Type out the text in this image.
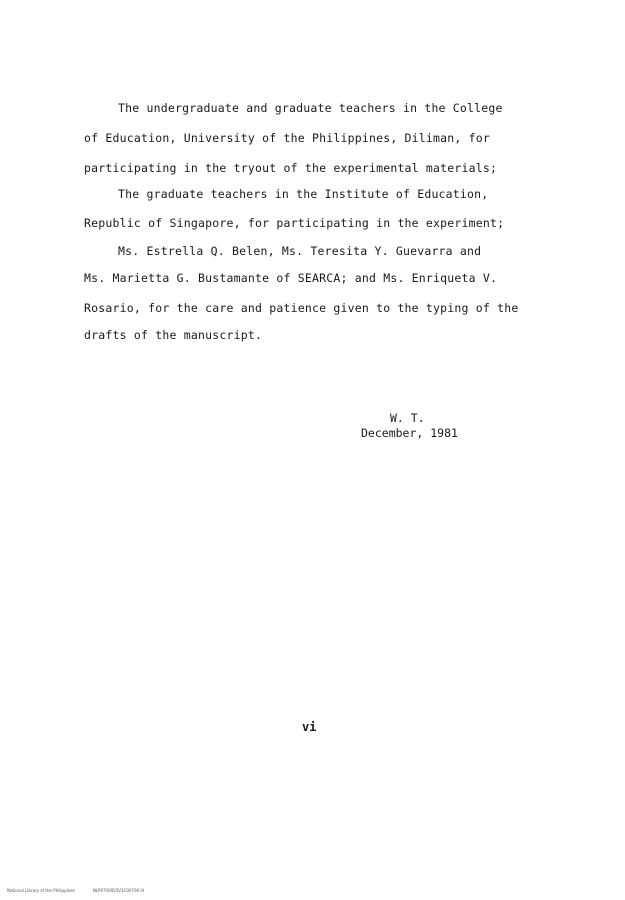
The undergraduate and graduate teachers in the College
of Education, University of the Philippines, Diliman, for
participating in the tryout of the experimental materials;
The graduate teachers in the Institute of Education,
Republic of Singapore, for participating in the experiment;
Ms. Estrella Q. Belen, Ms. Teresita Y. Guevarra and
Ms. Marietta G. Bustamante of SEARCA; and Ms. Enriqueta V.
Rosario, for the care and patience given to the typing of the
drafts of the manuscript.
W. T.
December, 1981
vi

National Library of the Philippines	NLP0700955V1C00706 lit
